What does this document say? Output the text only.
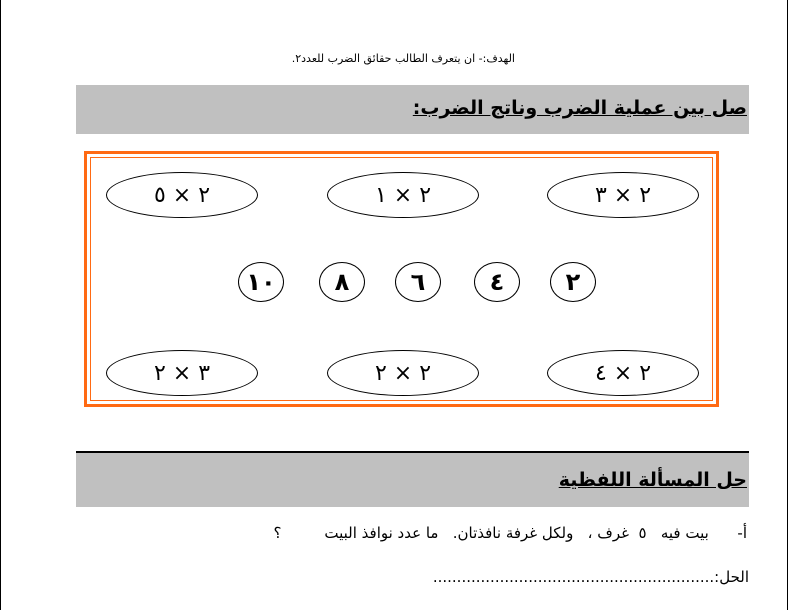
الهدف:- ان يتعرف الطالب حقائق الضرب للعدد٢.
صل بين عملية الضرب وناتج الضرب:
٢ × ٥	٢ × ١	٢ × ٣
١٠	٨	٦	٤	٢
٣ × ٢	٢ × ٢	٢ × ٤
حل المسألة اللفظية
أ-      بيت فيه   ٥  غرف ،   ولكل غرفة نافذتان.   ما عدد نوافذ البيت         ؟
الحل:...........................................................
